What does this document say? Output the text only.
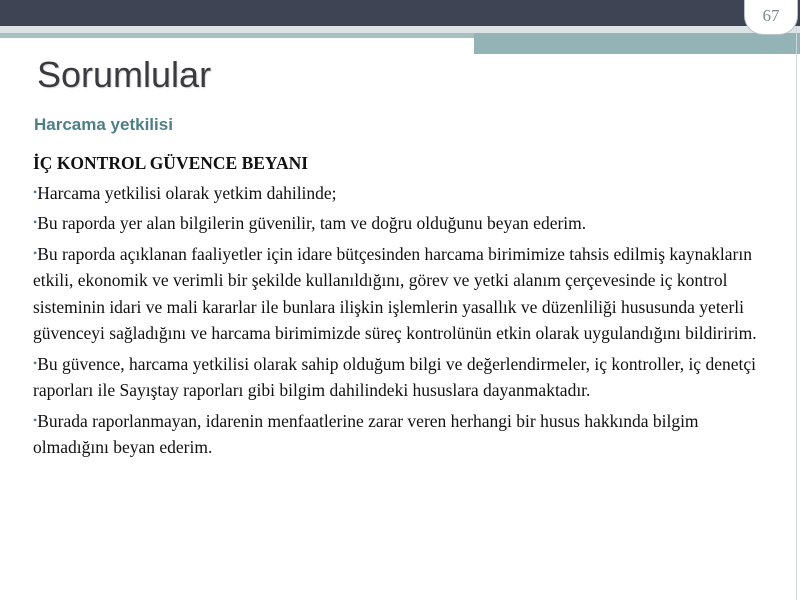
67
Sorumlular
Harcama yetkilisi
İÇ KONTROL GÜVENCE BEYANI
•Harcama yetkilisi olarak yetkim dahilinde;
•Bu raporda yer alan bilgilerin güvenilir, tam ve doğru olduğunu beyan ederim.
•Bu raporda açıklanan faaliyetler için idare bütçesinden harcama birimimize tahsis edilmiş kaynakların etkili, ekonomik ve verimli bir şekilde kullanıldığını, görev ve yetki alanım çerçevesinde iç kontrol sisteminin idari ve mali kararlar ile bunlara ilişkin işlemlerin yasallık ve düzenliliği hususunda yeterli güvenceyi sağladığını ve harcama birimimizde süreç kontrolünün etkin olarak uygulandığını bildiririm.
•Bu güvence, harcama yetkilisi olarak sahip olduğum bilgi ve değerlendirmeler, iç kontroller, iç denetçi raporları ile Sayıştay raporları gibi bilgim dahilindeki hususlara dayanmaktadır.
•Burada raporlanmayan, idarenin menfaatlerine zarar veren herhangi bir husus hakkında bilgim olmadığını beyan ederim.
